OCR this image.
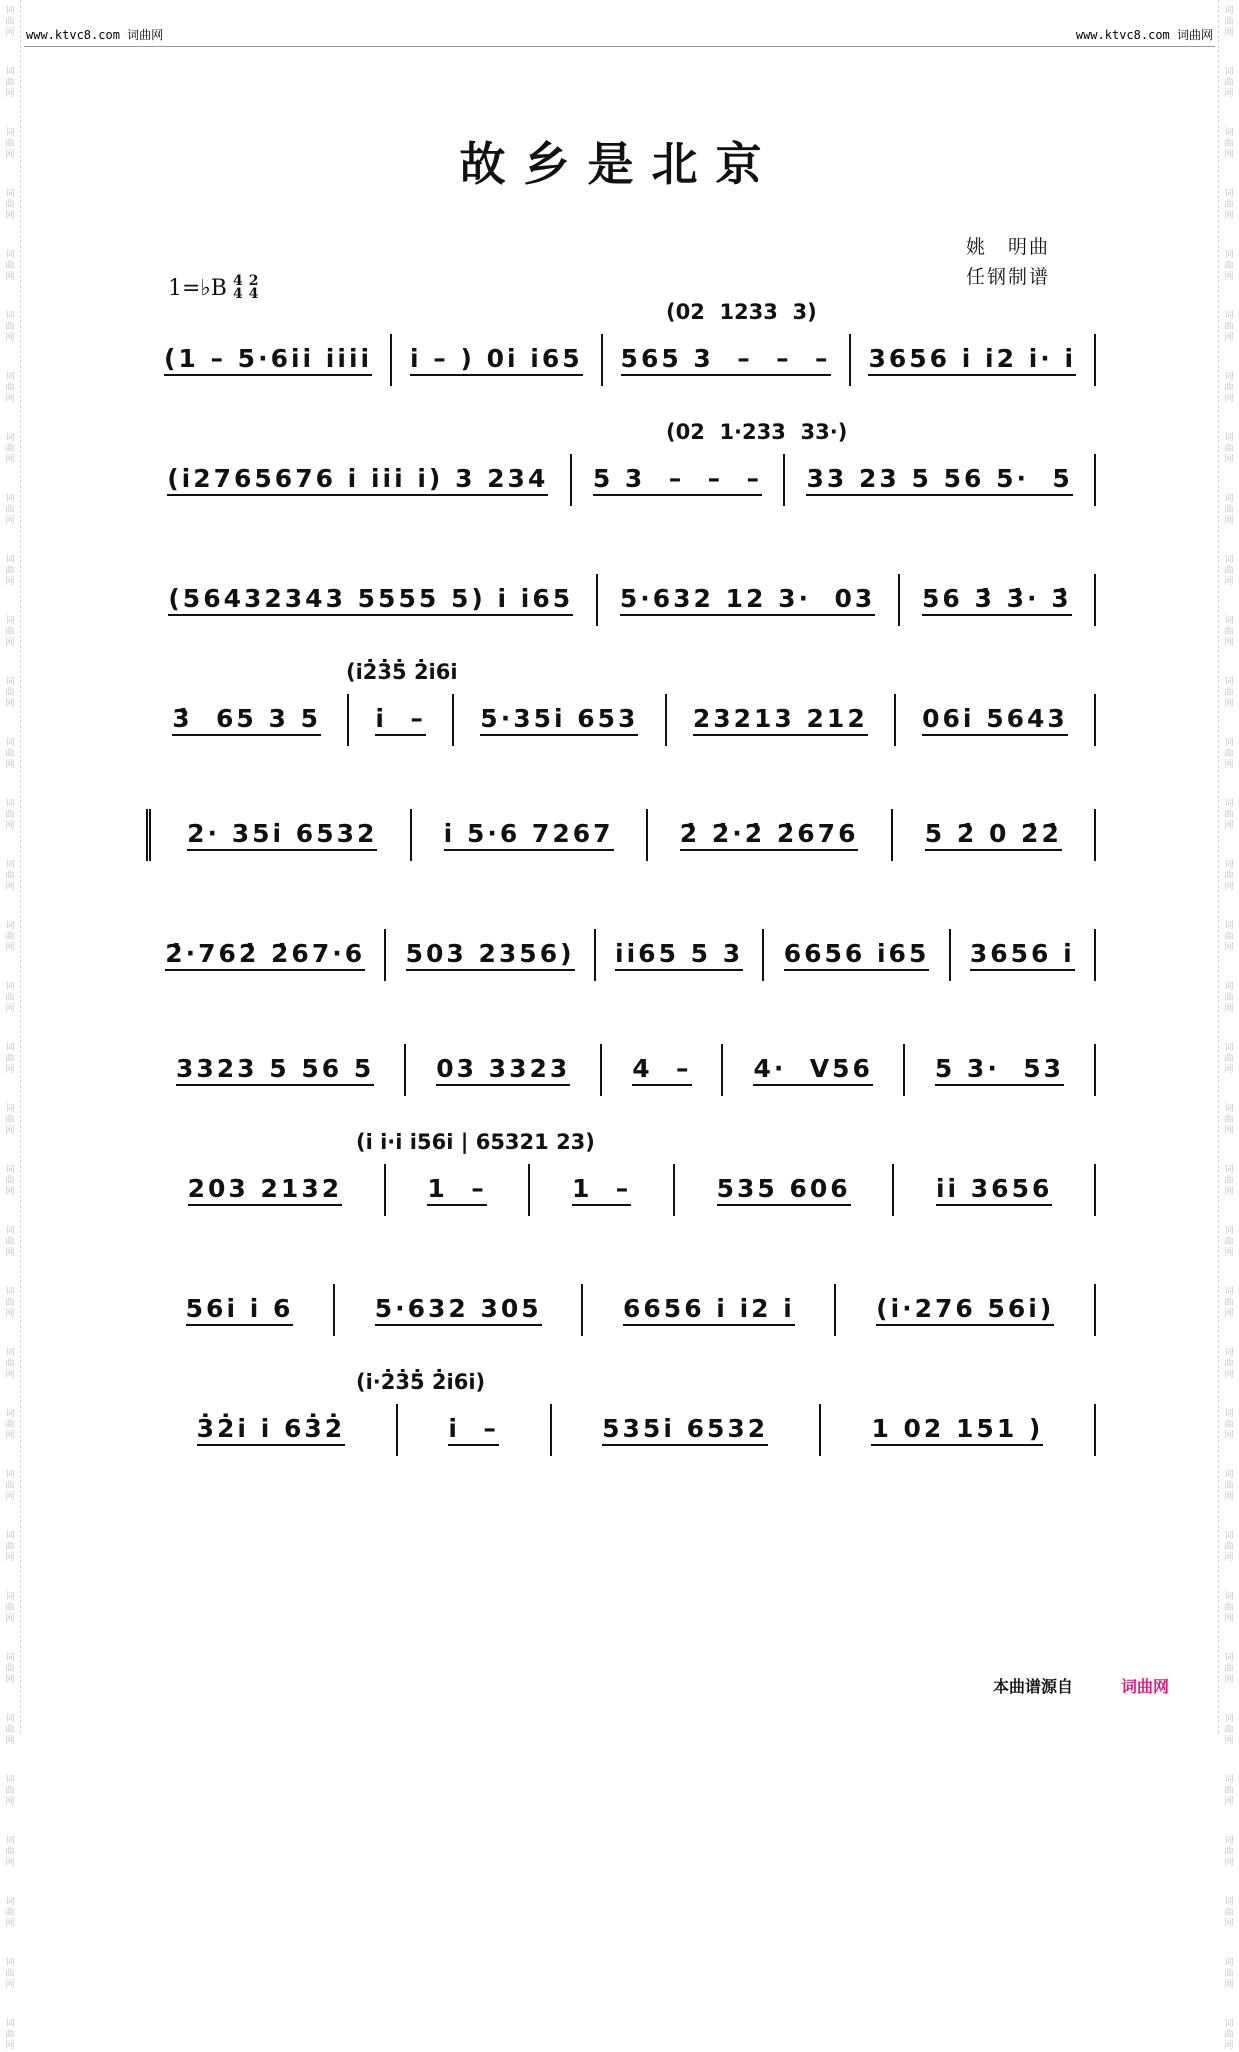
词曲网
词曲网
词曲网
词曲网
词曲网
词曲网
词曲网
词曲网
词曲网
词曲网
词曲网
词曲网
词曲网
词曲网
词曲网
词曲网
词曲网
词曲网
词曲网
词曲网
词曲网
词曲网
词曲网
词曲网
词曲网
词曲网
词曲网
词曲网
词曲网
词曲网
词曲网
词曲网
词曲网
词曲网
词曲网
词曲网
词曲网
词曲网
词曲网
词曲网
词曲网
词曲网
词曲网
词曲网
词曲网
词曲网
词曲网
词曲网
词曲网
词曲网
词曲网
词曲网
词曲网
词曲网
词曲网
词曲网
词曲网
词曲网
词曲网
词曲网
词曲网
词曲网
词曲网
词曲网
词曲网
词曲网
词曲网
词曲网
www.ktvc8.com 词曲网	www.ktvc8.com 词曲网
故乡是北京
姚　明曲
任钢制谱
1=♭B 4
4
2
4
(02  1233  3)
(1 – 5·6i̇i̇ i̇i̇i̇i̇ i̇ – ) 0i̇ i̇65 565 3  –  –  – 3656 i̇ i̇2 i̇· i̇
(02  1·233  33·)
(i̇2765676 i̇ i̇i̇i̇ i̇) 3 234 5 3  –  –  – 33 23 5 56 5·  5
(56432343 5555 5) i̇ i̇65 5·632 12 3·  03 56 3̇ 3̇· 3̇
(i̇2̇3̇5̇ 2̇i̇6i̇
3̇  65 3 5 i̇  – 5·35i̇ 653 23213 212 06i̇ 5643
2· 35i̇ 6532	i̇ 5·6 7267	2̇ 2̇·2̇ 2̇676	5 2̇ 0 2̇2̇
2̇·762̇ 2̇67·6 503 2356) i̇i̇65 5 3 6656 i̇65 3656 i̇
3323 5 56 5 03 3323 4  – 4·  V56 5 3·  53
(i̇ i̇·i̇ i̇56i̇ | 65321 23)
203 2132	1  –	1  –	535 606	i̇i̇ 3656
56i̇ i̇ 6	5·632 305	6656 i̇ i̇2 i̇	(i̇·276 56i̇)
(i̇·2̇3̇5̇ 2̇i̇6i̇)
3̇2̇i̇ i̇ 63̇2̇	i̇  –	535i̇ 6532	1 02 151 )
本曲谱源自	词曲网
